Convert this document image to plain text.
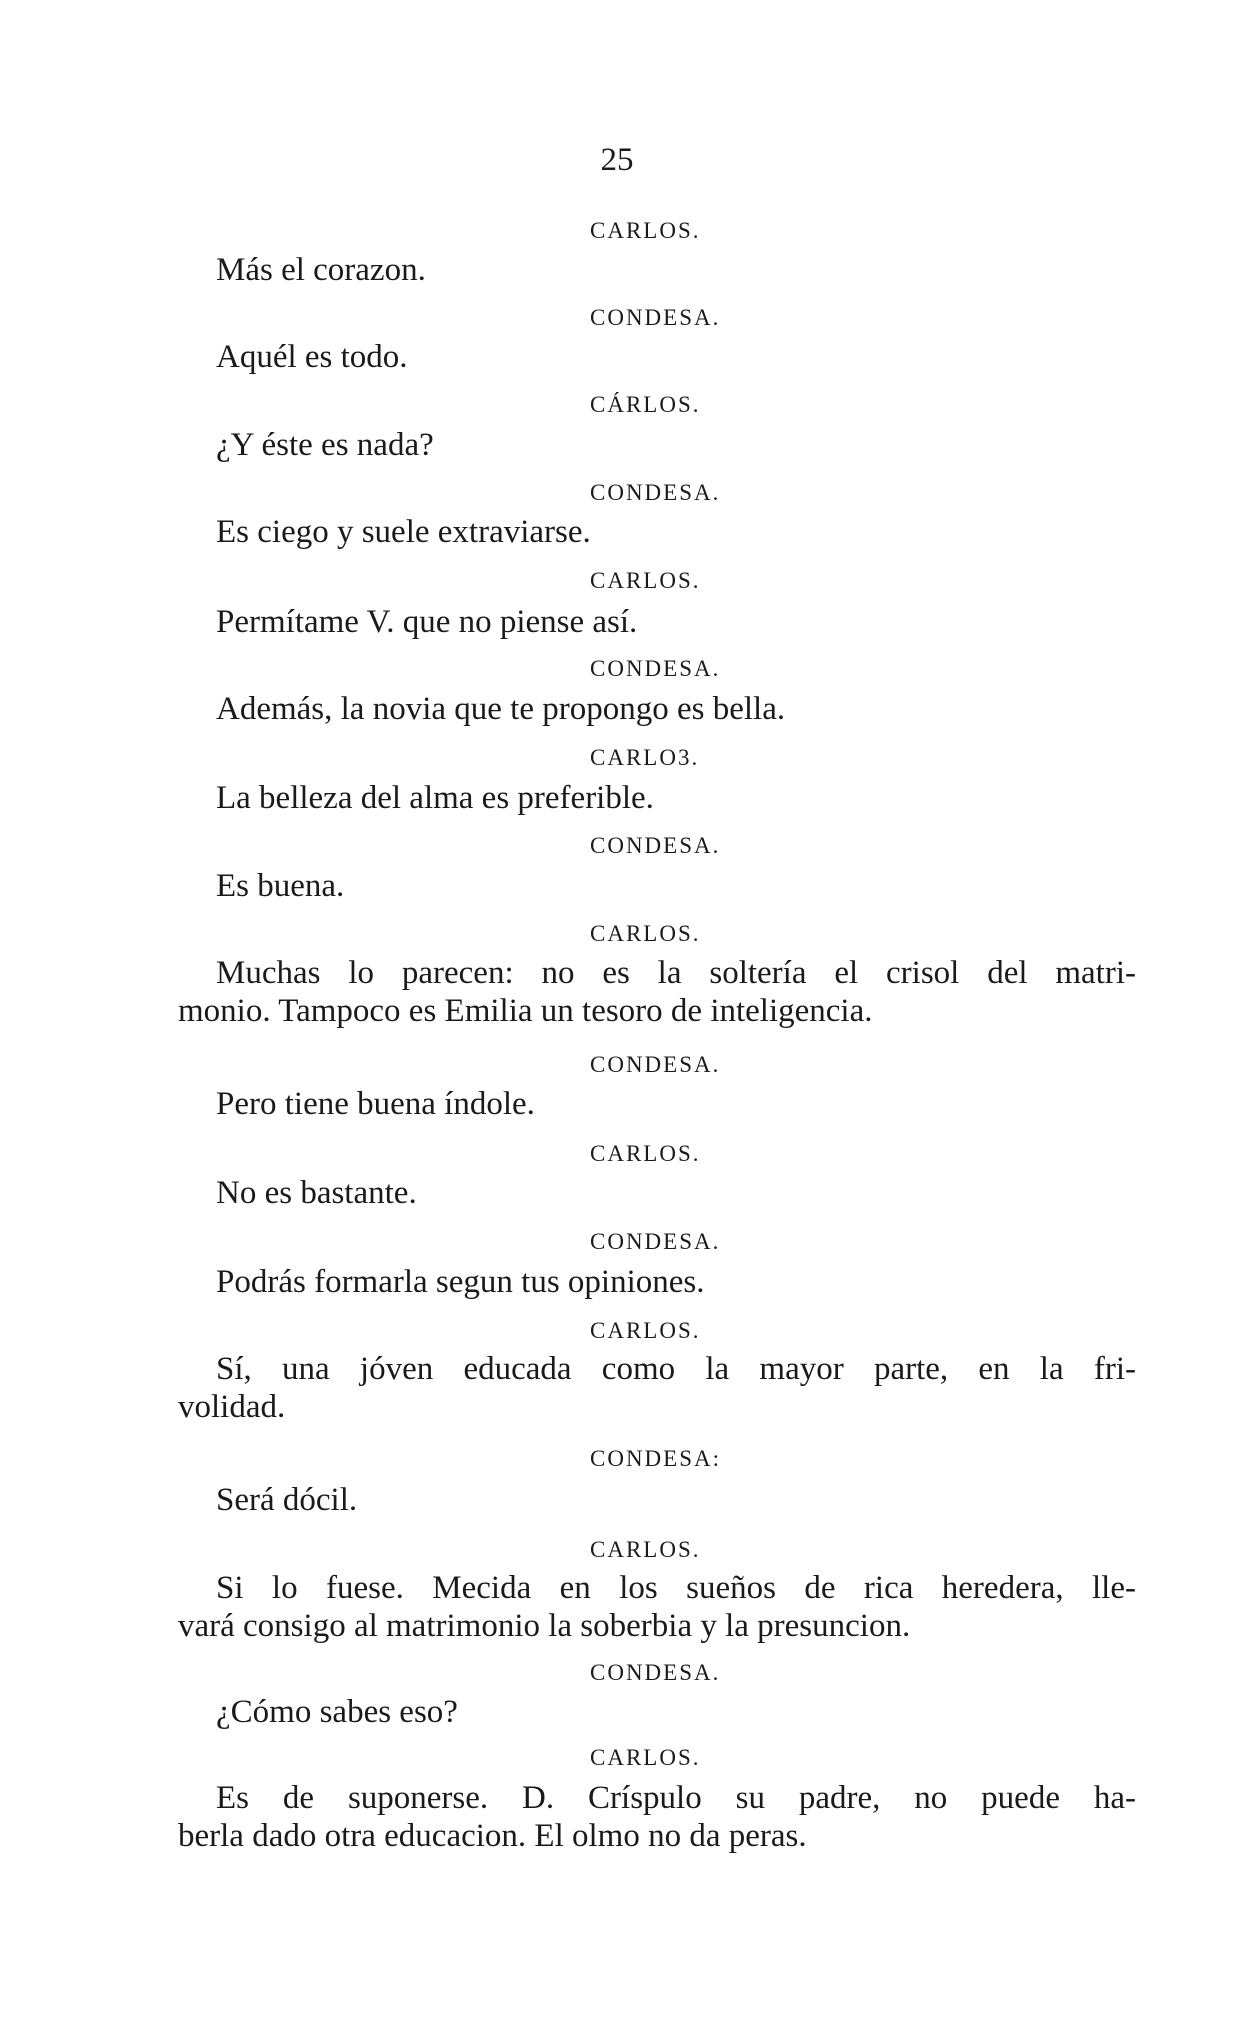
25
CARLOS.
Más el corazon.
CONDESA.
Aquél es todo.
CÁRLOS.
¿Y éste es nada?
CONDESA.
Es ciego y suele extraviarse.
CARLOS.
Permítame V. que no piense así.
CONDESA.
Además, la novia que te propongo es bella.
CARLO3.
La belleza del alma es preferible.
CONDESA.
Es buena.
CARLOS.
Muchas lo parecen: no es la soltería el crisol del matri-
monio. Tampoco es Emilia un tesoro de inteligencia.
CONDESA.
Pero tiene buena índole.
CARLOS.
No es bastante.
CONDESA.
Podrás formarla segun tus opiniones.
CARLOS.
Sí, una jóven educada como la mayor parte, en la fri-
volidad.
CONDESA:
Será dócil.
CARLOS.
Si lo fuese. Mecida en los sueños de rica heredera, lle-
vará consigo al matrimonio la soberbia y la presuncion.
CONDESA.
¿Cómo sabes eso?
CARLOS.
Es de suponerse. D. Críspulo su padre, no puede ha-
berla dado otra educacion. El olmo no da peras.
